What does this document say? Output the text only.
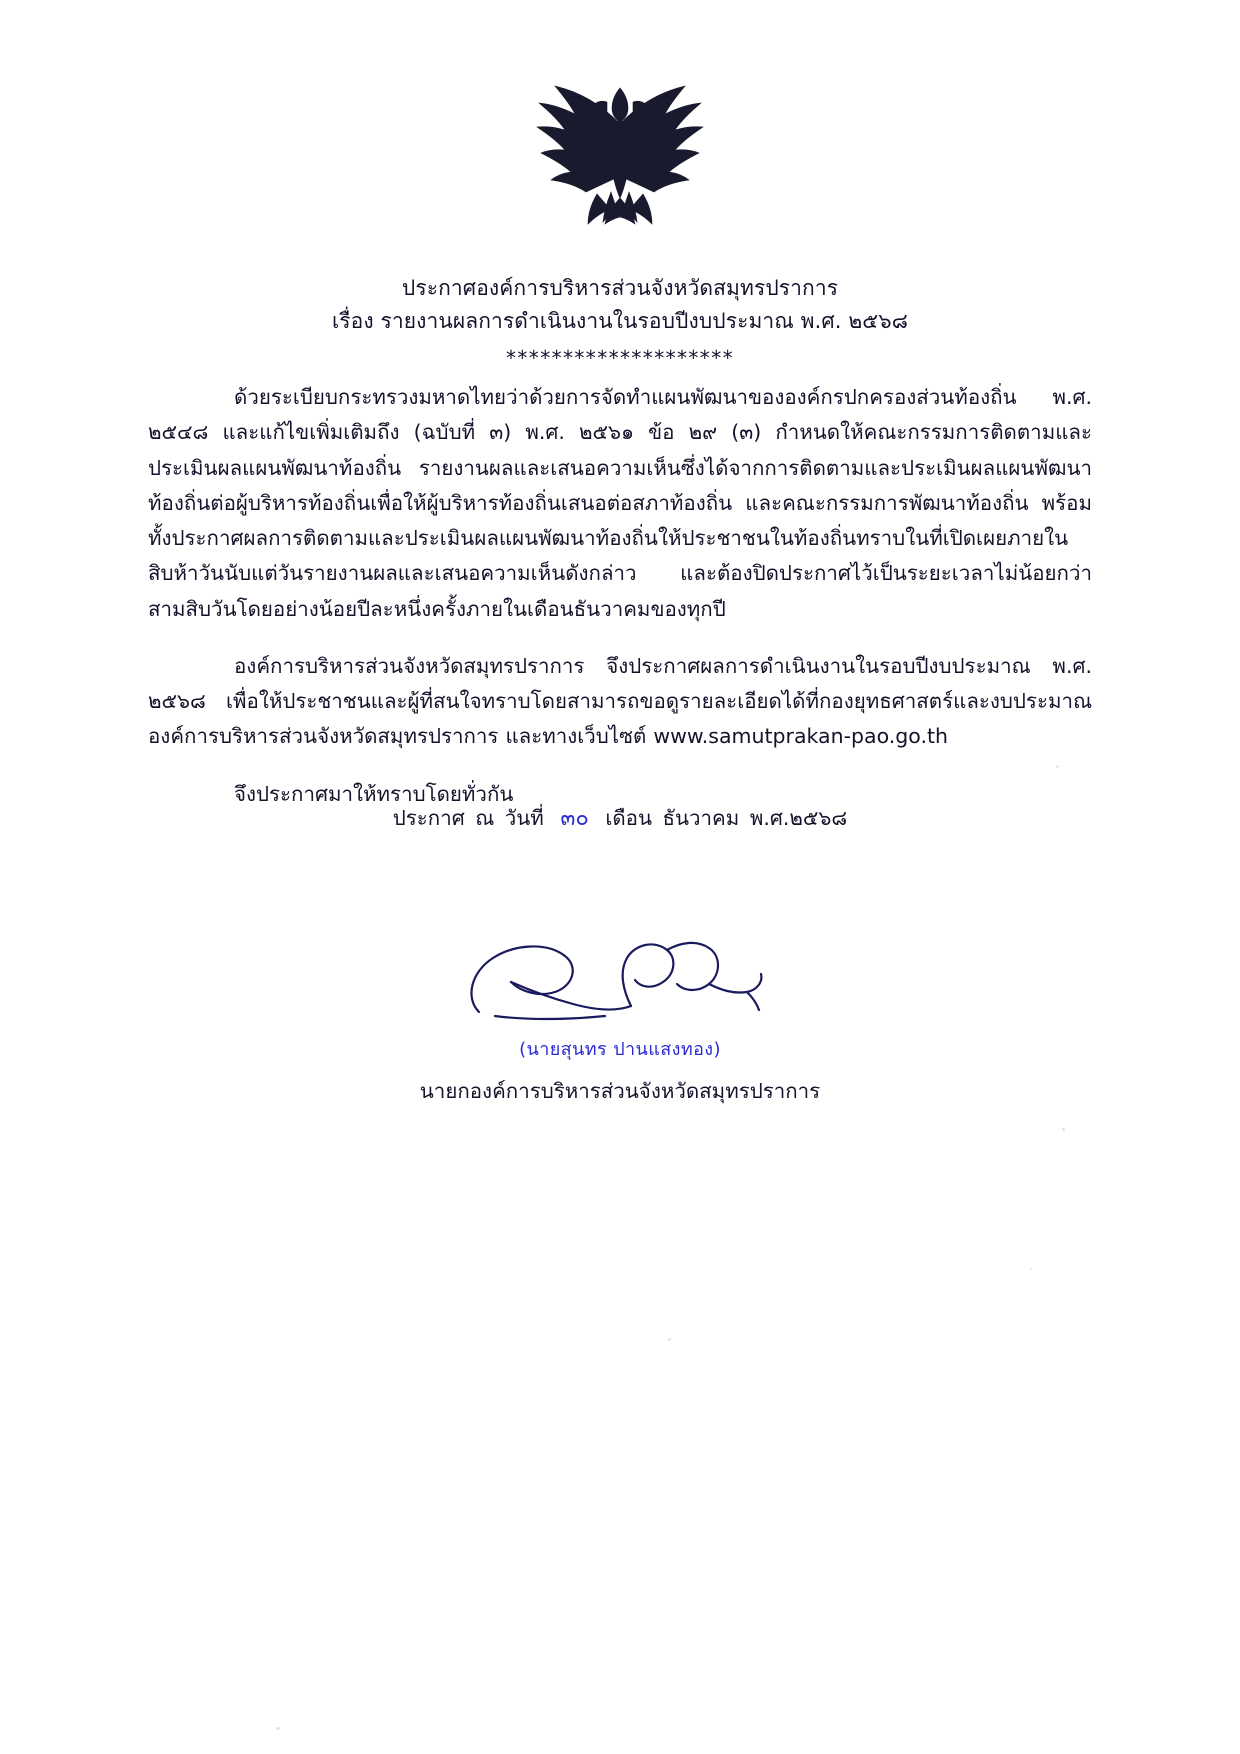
ประกาศองค์การบริหารส่วนจังหวัดสมุทรปราการ
เรื่อง รายงานผลการดำเนินงานในรอบปีงบประมาณ พ.ศ. ๒๕๖๘
********************

ด้วยระเบียบกระทรวงมหาดไทยว่าด้วยการจัดทำแผนพัฒนาขององค์กรปกครองส่วนท้องถิ่น พ.ศ. ๒๕๔๘ และแก้ไขเพิ่มเติมถึง (ฉบับที่ ๓) พ.ศ. ๒๕๖๑ ข้อ ๒๙ (๓) กำหนดให้คณะกรรมการติดตามและประเมินผลแผนพัฒนาท้องถิ่น รายงานผลและเสนอความเห็นซึ่งได้จากการติดตามและประเมินผลแผนพัฒนาท้องถิ่นต่อผู้บริหารท้องถิ่นเพื่อให้ผู้บริหารท้องถิ่นเสนอต่อสภาท้องถิ่น และคณะกรรมการพัฒนาท้องถิ่น พร้อมทั้งประกาศผลการติดตามและประเมินผลแผนพัฒนาท้องถิ่นให้ประชาชนในท้องถิ่นทราบในที่เปิดเผยภายในสิบห้าวันนับแต่วันรายงานผลและเสนอความเห็นดังกล่าว และต้องปิดประกาศไว้เป็นระยะเวลาไม่น้อยกว่าสามสิบวันโดยอย่างน้อยปีละหนึ่งครั้งภายในเดือนธันวาคมของทุกปี

องค์การบริหารส่วนจังหวัดสมุทรปราการ จึงประกาศผลการดำเนินงานในรอบปีงบประมาณ พ.ศ. ๒๕๖๘ เพื่อให้ประชาชนและผู้ที่สนใจทราบโดยสามารถขอดูรายละเอียดได้ที่กองยุทธศาสตร์และงบประมาณ องค์การบริหารส่วนจังหวัดสมุทรปราการ และทางเว็บไซต์ www.samutprakan-pao.go.th

จึงประกาศมาให้ทราบโดยทั่วกัน

ประกาศ ณ วันที่ ๓๐ เดือน ธันวาคม พ.ศ.๒๕๖๘
(นายสุนทร ปานแสงทอง)
นายกองค์การบริหารส่วนจังหวัดสมุทรปราการ
